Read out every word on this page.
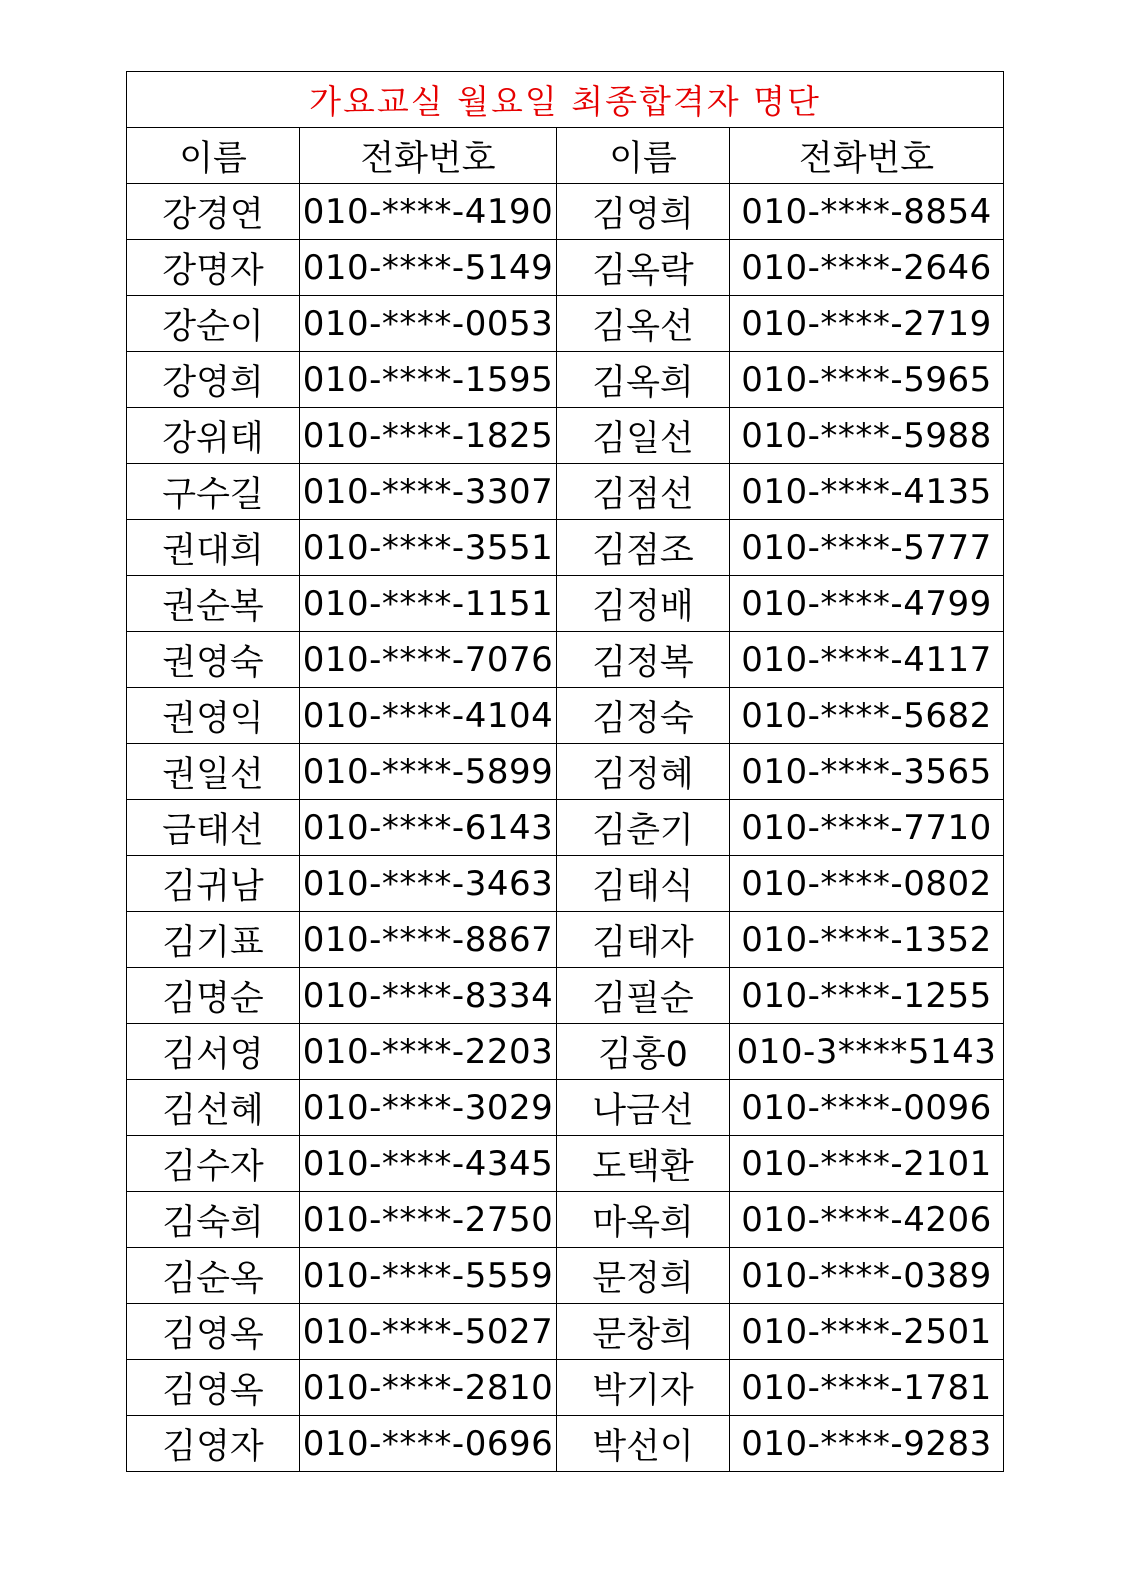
가요교실 월요일 최종합격자 명단			
이름	전화번호	이름	전화번호
강경연	010-****-4190	김영희	010-****-8854
강명자	010-****-5149	김옥락	010-****-2646
강순이	010-****-0053	김옥선	010-****-2719
강영희	010-****-1595	김옥희	010-****-5965
강위태	010-****-1825	김일선	010-****-5988
구수길	010-****-3307	김점선	010-****-4135
권대희	010-****-3551	김점조	010-****-5777
권순복	010-****-1151	김정배	010-****-4799
권영숙	010-****-7076	김정복	010-****-4117
권영익	010-****-4104	김정숙	010-****-5682
권일선	010-****-5899	김정혜	010-****-3565
금태선	010-****-6143	김춘기	010-****-7710
김귀남	010-****-3463	김태식	010-****-0802
김기표	010-****-8867	김태자	010-****-1352
김명순	010-****-8334	김필순	010-****-1255
김서영	010-****-2203	김홍0	010-3****5143
김선혜	010-****-3029	나금선	010-****-0096
김수자	010-****-4345	도택환	010-****-2101
김숙희	010-****-2750	마옥희	010-****-4206
김순옥	010-****-5559	문정희	010-****-0389
김영옥	010-****-5027	문창희	010-****-2501
김영옥	010-****-2810	박기자	010-****-1781
김영자	010-****-0696	박선이	010-****-9283
